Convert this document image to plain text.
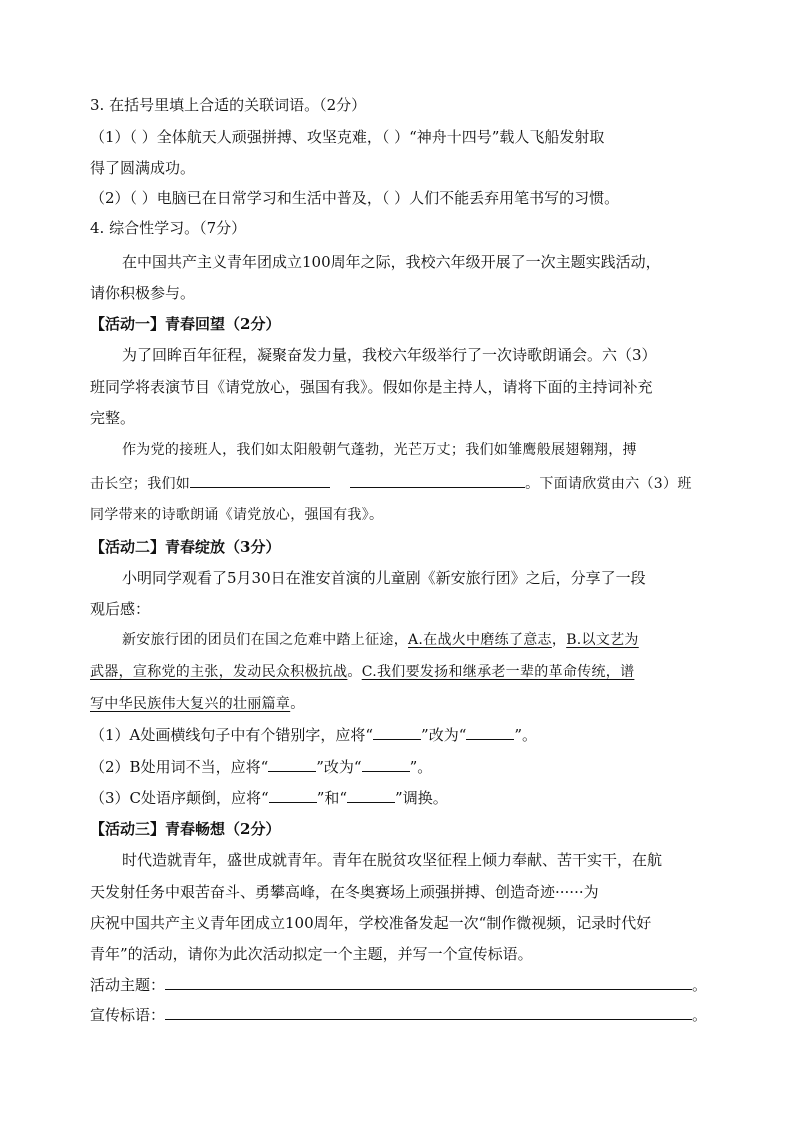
3. 在括号里填上合适的关联词语。（2分）
（1）（ ）全体航天人顽强拼搏、攻坚克难，（ ）“神舟十四号”载人飞船发射取
得了圆满成功。
（2）（ ）电脑已在日常学习和生活中普及，（ ）人们不能丢弃用笔书写的习惯。
4. 综合性学习。（7分）
在中国共产主义青年团成立100周年之际，我校六年级开展了一次主题实践活动，
请你积极参与。
【活动一】青春回望（2分）
为了回眸百年征程，凝聚奋发力量，我校六年级举行了一次诗歌朗诵会。六（3）
班同学将表演节目《请党放心，强国有我》。假如你是主持人，请将下面的主持词补充
完整。
作为党的接班人，我们如太阳般朝气蓬勃，光芒万丈；我们如雏鹰般展翅翱翔，搏
击长空；我们如	。下面请欣赏由六（3）班
同学带来的诗歌朗诵《请党放心，强国有我》。
【活动二】青春绽放（3分）
小明同学观看了5月30日在淮安首演的儿童剧《新安旅行团》之后，分享了一段
观后感：
新安旅行团的团员们在国之危难中踏上征途，A.在战火中磨练了意志，B.以文艺为
武器，宣称党的主张，发动民众积极抗战。C.我们要发扬和继承老一辈的革命传统，谱
写中华民族伟大复兴的壮丽篇章。
（1）A处画横线句子中有个错别字，应将“	”改为“	”。
（2）B处用词不当，应将“	”改为“	”。
（3）C处语序颠倒，应将“	”和“	”调换。
【活动三】青春畅想（2分）
时代造就青年，盛世成就青年。青年在脱贫攻坚征程上倾力奉献、苦干实干，在航
天发射任务中艰苦奋斗、勇攀高峰，在冬奥赛场上顽强拼搏、创造奇迹······为
庆祝中国共产主义青年团成立100周年，学校准备发起一次“制作微视频，记录时代好
青年”的活动，请你为此次活动拟定一个主题，并写一个宣传标语。
活动主题：	。
宣传标语：	。
